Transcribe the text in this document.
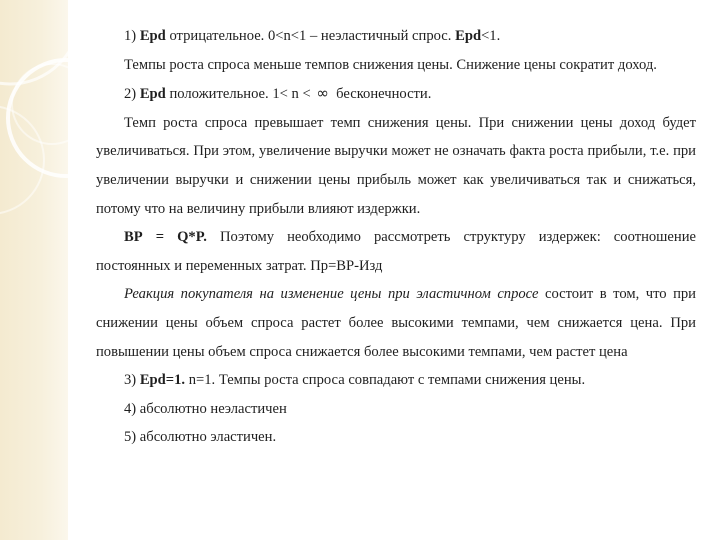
1) Epd отрицательное. 0<n<1 – неэластичный спрос. Epd<1.

Темпы роста спроса меньше темпов снижения цены. Снижение цены сократит доход.

2) Epd положительное. 1< n < ∞ бесконечности.

Темп роста спроса превышает темп снижения цены. При снижении цены доход будет увеличиваться. При этом, увеличение выручки может не означать факта роста прибыли, т.е. при увеличении выручки и снижении цены прибыль может как увеличиваться так и снижаться, потому что на величину прибыли влияют издержки.

ВР = Q*P. Поэтому необходимо рассмотреть структуру издержек: соотношение постоянных и переменных затрат. Пр=ВР-Изд

Реакция покупателя на изменение цены при эластичном спросе состоит в том, что при снижении цены объем спроса растет более высокими темпами, чем снижается цена. При повышении цены объем спроса снижается более высокими темпами, чем растет цена

3) Epd=1. n=1. Темпы роста спроса совпадают с темпами снижения цены.

4) абсолютно неэластичен

5) абсолютно эластичен.
